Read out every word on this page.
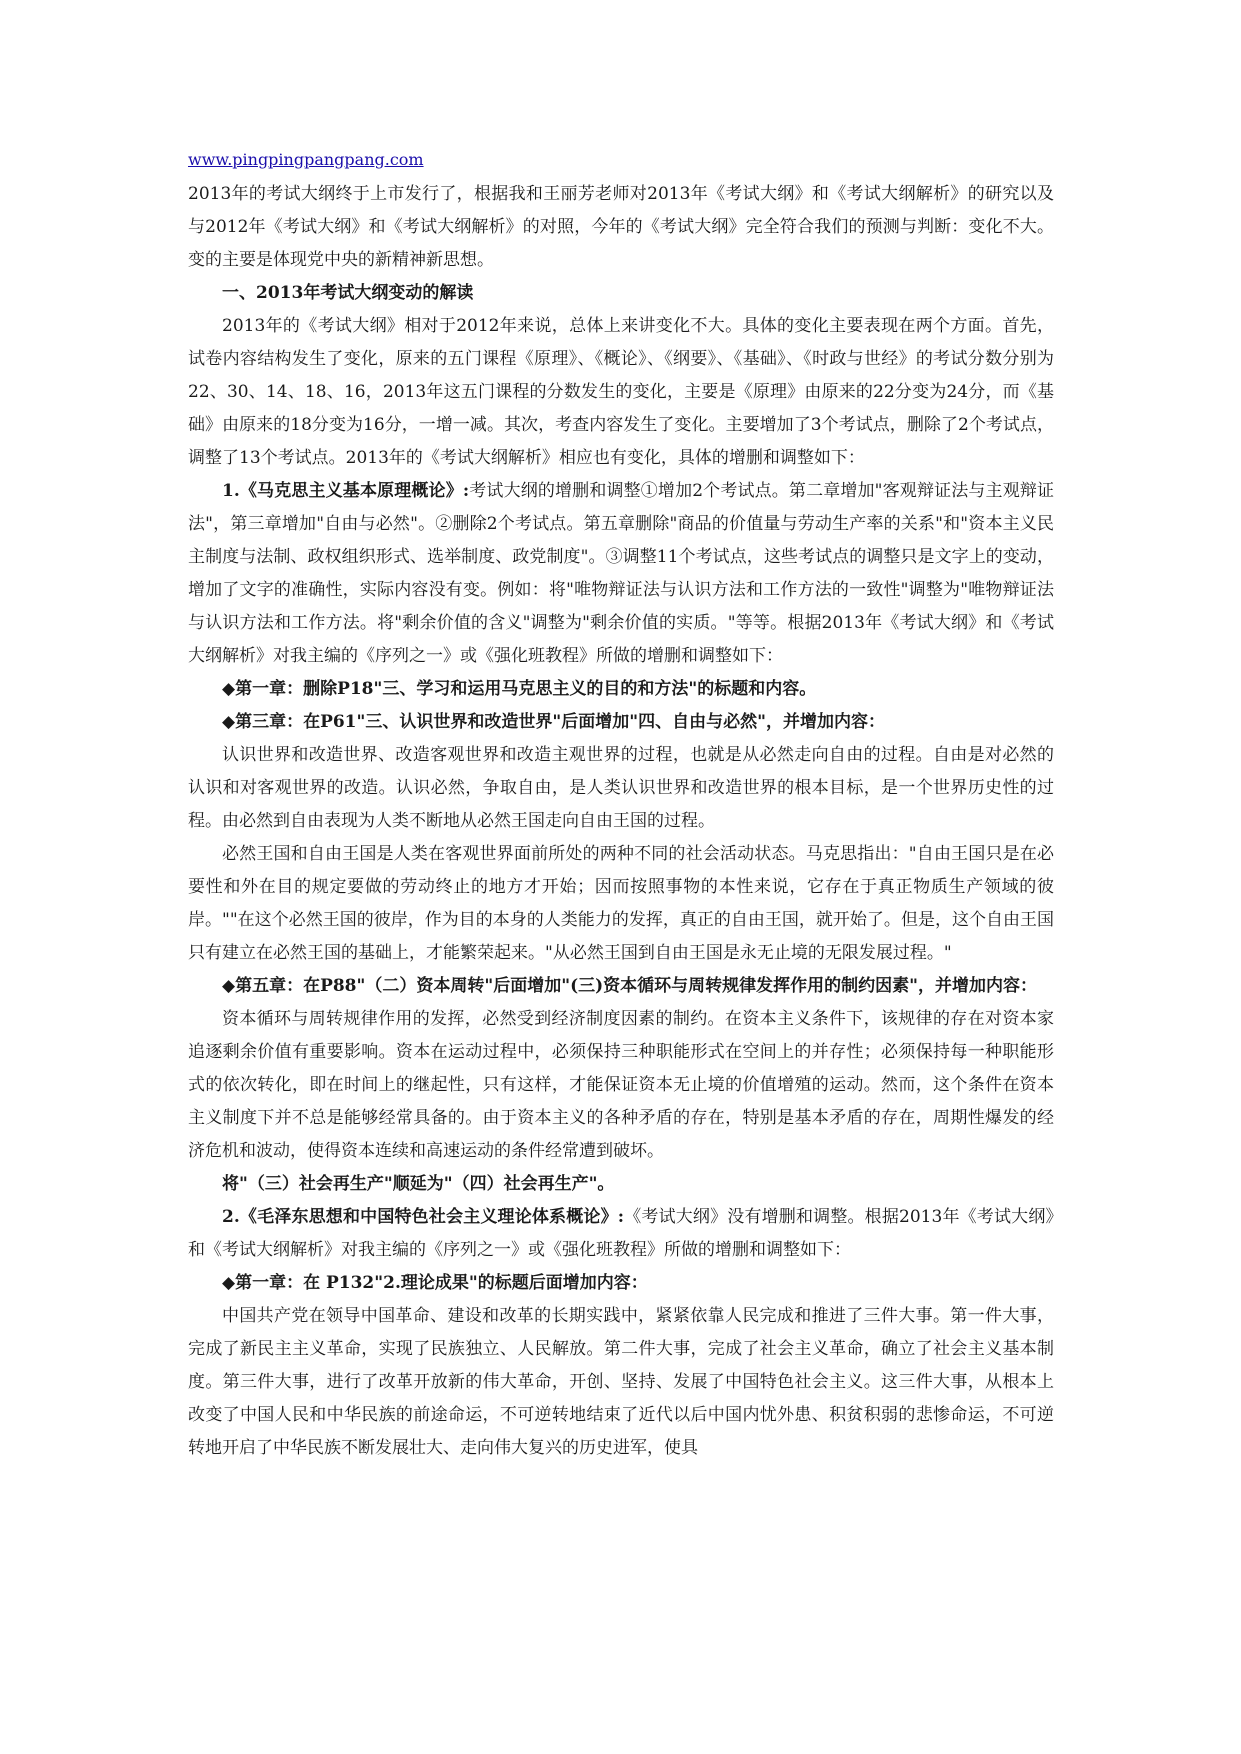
www.pingpingpangpang.com

2013年的考试大纲终于上市发行了，根据我和王丽芳老师对2013年《考试大纲》和《考试大纲解析》的研究以及与2012年《考试大纲》和《考试大纲解析》的对照，今年的《考试大纲》完全符合我们的预测与判断：变化不大。 变的主要是体现党中央的新精神新思想。

一、2013年考试大纲变动的解读

2013年的《考试大纲》相对于2012年来说，总体上来讲变化不大。具体的变化主要表现在两个方面。首先，试卷内容结构发生了变化，原来的五门课程《原理》、《概论》、《纲要》、《基础》、《时政与世经》的考试分数分别为22、30、14、18、16，2013年这五门课程的分数发生的变化，主要是《原理》由原来的22分变为24分，而《基础》由原来的18分变为16分，一增一减。其次，考查内容发生了变化。主要增加了3个考试点，删除了2个考试点，调整了13个考试点。2013年的《考试大纲解析》相应也有变化，具体的增删和调整如下：

1.《马克思主义基本原理概论》:考试大纲的增删和调整①增加2个考试点。第二章增加"客观辩证法与主观辩证法"，第三章增加"自由与必然"。②删除2个考试点。第五章删除"商品的价值量与劳动生产率的关系"和"资本主义民主制度与法制、政权组织形式、选举制度、政党制度"。③调整11个考试点，这些考试点的调整只是文字上的变动，增加了文字的准确性，实际内容没有变。例如：将"唯物辩证法与认识方法和工作方法的一致性"调整为"唯物辩证法与认识方法和工作方法。将"剩余价值的含义"调整为"剩余价值的实质。"等等。根据2013年《考试大纲》和《考试大纲解析》对我主编的《序列之一》或《强化班教程》所做的增删和调整如下：

◆第一章：删除P18"三、学习和运用马克思主义的目的和方法"的标题和内容。

◆第三章：在P61"三、认识世界和改造世界"后面增加"四、自由与必然"，并增加内容：

认识世界和改造世界、改造客观世界和改造主观世界的过程，也就是从必然走向自由的过程。自由是对必然的认识和对客观世界的改造。认识必然，争取自由，是人类认识世界和改造世界的根本目标，是一个世界历史性的过程。由必然到自由表现为人类不断地从必然王国走向自由王国的过程。

必然王国和自由王国是人类在客观世界面前所处的两种不同的社会活动状态。马克思指出："自由王国只是在必要性和外在目的规定要做的劳动终止的地方才开始；因而按照事物的本性来说，它存在于真正物质生产领域的彼岸。""在这个必然王国的彼岸，作为目的本身的人类能力的发挥，真正的自由王国，就开始了。但是，这个自由王国只有建立在必然王国的基础上，才能繁荣起来。"从必然王国到自由王国是永无止境的无限发展过程。"

◆第五章：在P88"（二）资本周转"后面增加"(三)资本循环与周转规律发挥作用的制约因素"，并增加内容：

资本循环与周转规律作用的发挥，必然受到经济制度因素的制约。在资本主义条件下，该规律的存在对资本家追逐剩余价值有重要影响。资本在运动过程中，必须保持三种职能形式在空间上的并存性；必须保持每一种职能形式的依次转化，即在时间上的继起性，只有这样，才能保证资本无止境的价值增殖的运动。然而，这个条件在资本主义制度下并不总是能够经常具备的。由于资本主义的各种矛盾的存在，特别是基本矛盾的存在，周期性爆发的经济危机和波动，使得资本连续和高速运动的条件经常遭到破坏。

将"（三）社会再生产"顺延为"（四）社会再生产"。

2.《毛泽东思想和中国特色社会主义理论体系概论》:《考试大纲》没有增删和调整。根据2013年《考试大纲》和《考试大纲解析》对我主编的《序列之一》或《强化班教程》所做的增删和调整如下：

◆第一章：在 P132"2.理论成果"的标题后面增加内容：

中国共产党在领导中国革命、建设和改革的长期实践中，紧紧依靠人民完成和推进了三件大事。第一件大事，完成了新民主主义革命，实现了民族独立、人民解放。第二件大事，完成了社会主义革命，确立了社会主义基本制度。第三件大事，进行了改革开放新的伟大革命，开创、坚持、发展了中国特色社会主义。这三件大事，从根本上改变了中国人民和中华民族的前途命运，不可逆转地结束了近代以后中国内忧外患、积贫积弱的悲惨命运，不可逆转地开启了中华民族不断发展壮大、走向伟大复兴的历史进军，使具
